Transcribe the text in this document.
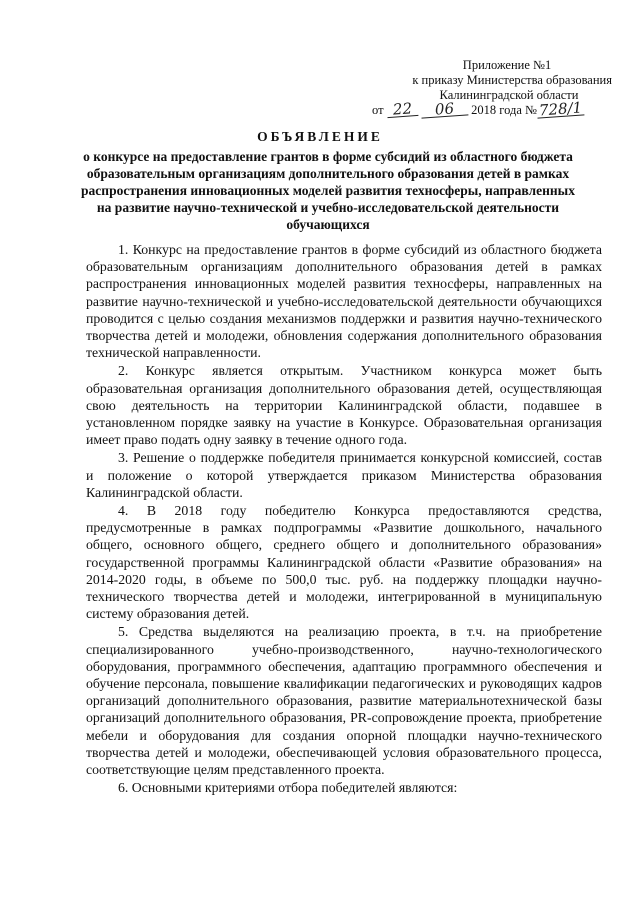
Приложение №1
к приказу Министерства образования
Калининградской области
от 22 06 2018 года №728/1
ОБЪЯВЛЕНИЕ
о конкурсе на предоставление грантов в форме субсидий из областного бюджета образовательным организациям дополнительного образования детей в рамках распространения инновационных моделей развития техносферы, направленных на развитие научно-технической и учебно-исследовательской деятельности обучающихся

1. Конкурс на предоставление грантов в форме субсидий из областного бюджета образовательным организациям дополнительного образования детей в рамках распространения инновационных моделей развития техносферы, направленных на развитие научно-технической и учебно-исследовательской деятельности обучающихся проводится с целью создания механизмов поддержки и развития научно-технического творчества детей и молодежи, обновления содержания дополнительного образования технической направленности.

2. Конкурс является открытым. Участником конкурса может быть образовательная организация дополнительного образования детей, осуществляющая свою деятельность на территории Калининградской области, подавшее в установленном порядке заявку на участие в Конкурсе. Образовательная организация имеет право подать одну заявку в течение одного года.

3. Решение о поддержке победителя принимается конкурсной комиссией, состав и положение о которой утверждается приказом Министерства образования Калининградской области.

4. В 2018 году победителю Конкурса предоставляются средства, предусмотренные в рамках подпрограммы «Развитие дошкольного, начального общего, основного общего, среднего общего и дополнительного образования» государственной программы Калининградской области «Развитие образования» на 2014-2020 годы, в объеме по 500,0 тыс. руб. на поддержку площадки научно-технического творчества детей и молодежи, интегрированной в муниципальную систему образования детей.

5. Средства выделяются на реализацию проекта, в т.ч. на приобретение специализированного учебно-производственного, научно-технологического оборудования, программного обеспечения, адаптацию программного обеспечения и обучение персонала, повышение квалификации педагогических и руководящих кадров организаций дополнительного образования, развитие материальнотехнической базы организаций дополнительного образования, PR-сопровождение проекта, приобретение мебели и оборудования для создания опорной площадки научно-технического творчества детей и молодежи, обеспечивающей условия образовательного процесса, соответствующие целям представленного проекта.

6. Основными критериями отбора победителей являются:
